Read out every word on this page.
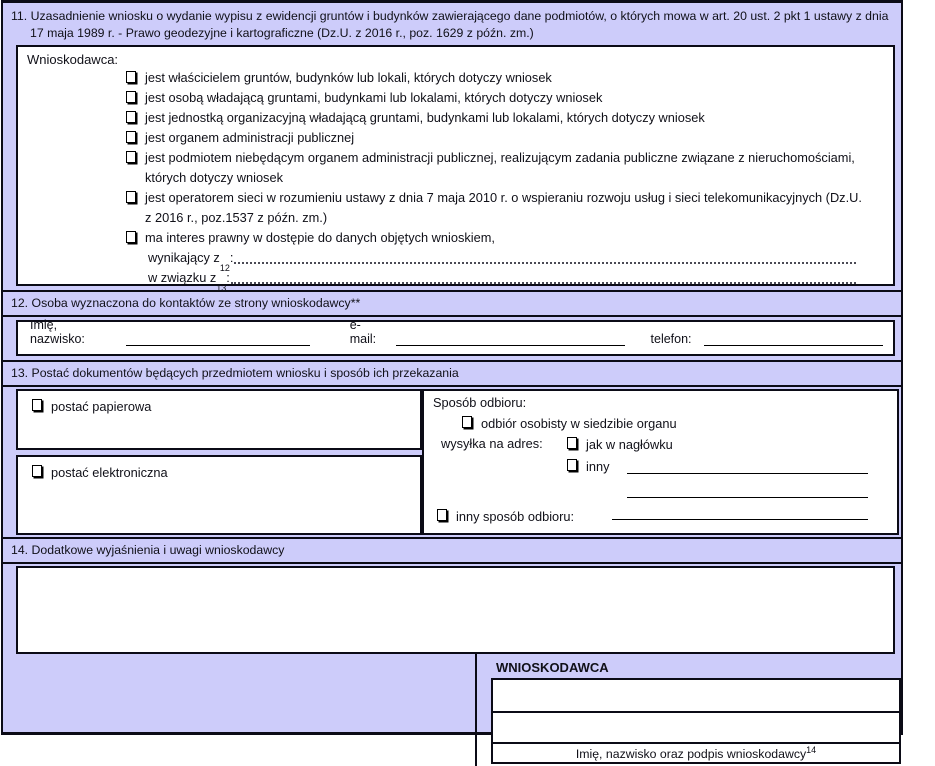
11. Uzasadnienie wniosku o wydanie wypisu z ewidencji gruntów i budynków zawierającego dane podmiotów, o których mowa w art. 20 ust. 2 pkt 1 ustawy z dnia
17 maja 1989 r. - Prawo geodezyjne i kartograficzne (Dz.U. z 2016 r., poz. 1629 z późn. zm.)
Wnioskodawca:
jest właścicielem gruntów, budynków lub lokali, których dotyczy wniosek
jest osobą władającą gruntami, budynkami lub lokalami, których dotyczy wniosek
jest jednostką organizacyjną władającą gruntami, budynkami lub lokalami, których dotyczy wniosek
jest organem administracji publicznej
jest podmiotem niebędącym organem administracji publicznej, realizującym zadania publiczne związane z nieruchomościami, których dotyczy wniosek
jest operatorem sieci w rozumieniu ustawy z dnia 7 maja 2010 r. o wspieraniu rozwoju usług i sieci telekomunikacyjnych (Dz.U. z 2016 r., poz.1537 z późn. zm.)
ma interes prawny w dostępie do danych objętych wnioskiem,
wynikający z
12
:
w związku z
13
:
12. Osoba wyznaczona do kontaktów ze strony wnioskodawcy**
Imię, nazwisko:
e-mail:	telefon:
13. Postać dokumentów będących przedmiotem wniosku i sposób ich przekazania
postać papierowa
postać elektroniczna
Sposób odbioru:
odbiór osobisty w siedzibie organu
wysyłka na adres:	jak w nagłówku
inny
inny sposób odbioru:
14. Dodatkowe wyjaśnienia i uwagi wnioskodawcy
WNIOSKODAWCA
Imię, nazwisko oraz podpis wnioskodawcy$^{14}$
